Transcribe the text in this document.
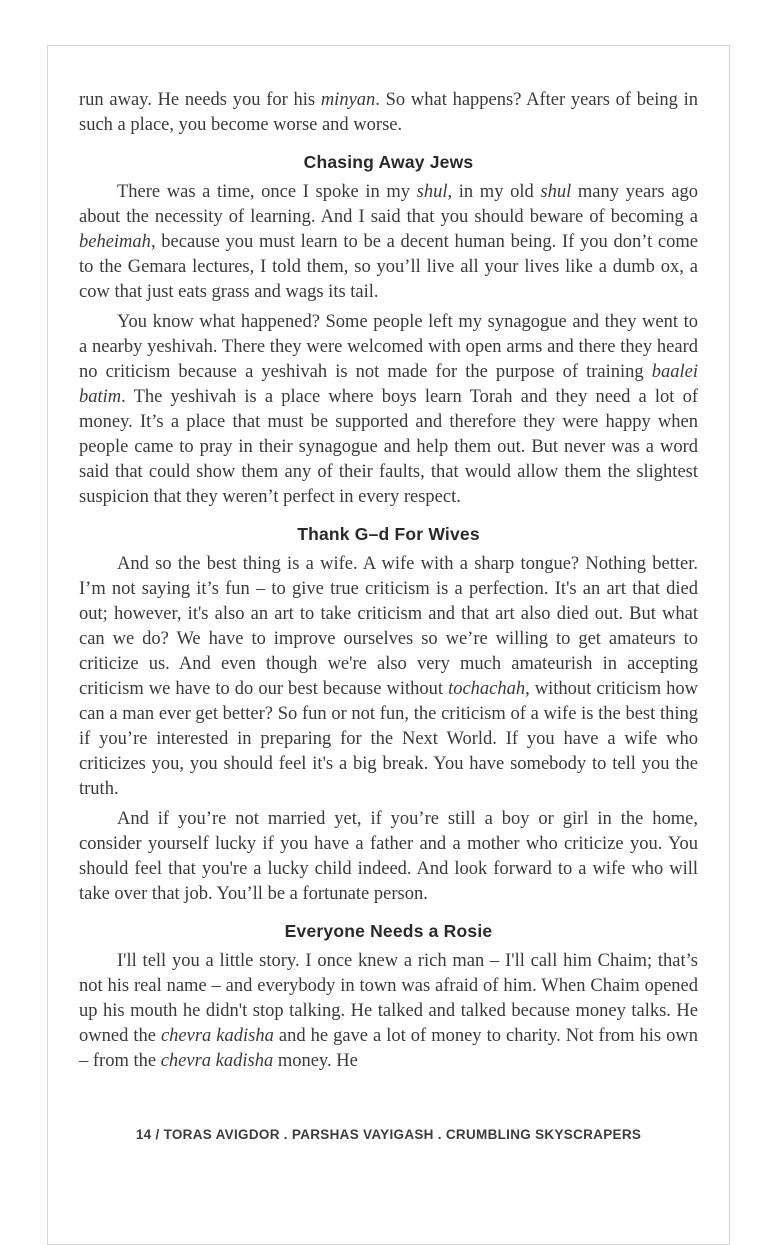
run away. He needs you for his minyan. So what happens? After years of being in such a place, you become worse and worse.

Chasing Away Jews

There was a time, once I spoke in my shul, in my old shul many years ago about the necessity of learning. And I said that you should beware of becoming a beheimah, because you must learn to be a decent human being. If you don’t come to the Gemara lectures, I told them, so you’ll live all your lives like a dumb ox, a cow that just eats grass and wags its tail.

You know what happened? Some people left my synagogue and they went to a nearby yeshivah. There they were welcomed with open arms and there they heard no criticism because a yeshivah is not made for the purpose of training baalei batim. The yeshivah is a place where boys learn Torah and they need a lot of money. It’s a place that must be supported and therefore they were happy when people came to pray in their synagogue and help them out. But never was a word said that could show them any of their faults, that would allow them the slightest suspicion that they weren’t perfect in every respect.

Thank G–d For Wives

And so the best thing is a wife. A wife with a sharp tongue? Nothing better. I’m not saying it’s fun – to give true criticism is a perfection. It's an art that died out; however, it's also an art to take criticism and that art also died out. But what can we do? We have to improve ourselves so we’re willing to get amateurs to criticize us. And even though we're also very much amateurish in accepting criticism we have to do our best because without tochachah, without criticism how can a man ever get better? So fun or not fun, the criticism of a wife is the best thing if you’re interested in preparing for the Next World. If you have a wife who criticizes you, you should feel it's a big break. You have somebody to tell you the truth.

And if you’re not married yet, if you’re still a boy or girl in the home, consider yourself lucky if you have a father and a mother who criticize you. You should feel that you're a lucky child indeed. And look forward to a wife who will take over that job. You’ll be a fortunate person.

Everyone Needs a Rosie

I'll tell you a little story. I once knew a rich man – I'll call him Chaim; that’s not his real name – and everybody in town was afraid of him. When Chaim opened up his mouth he didn't stop talking. He talked and talked because money talks. He owned the chevra kadisha and he gave a lot of money to charity. Not from his own – from the chevra kadisha money. He

14 / TORAS AVIGDOR . PARSHAS VAYIGASH . CRUMBLING SKYSCRAPERS
